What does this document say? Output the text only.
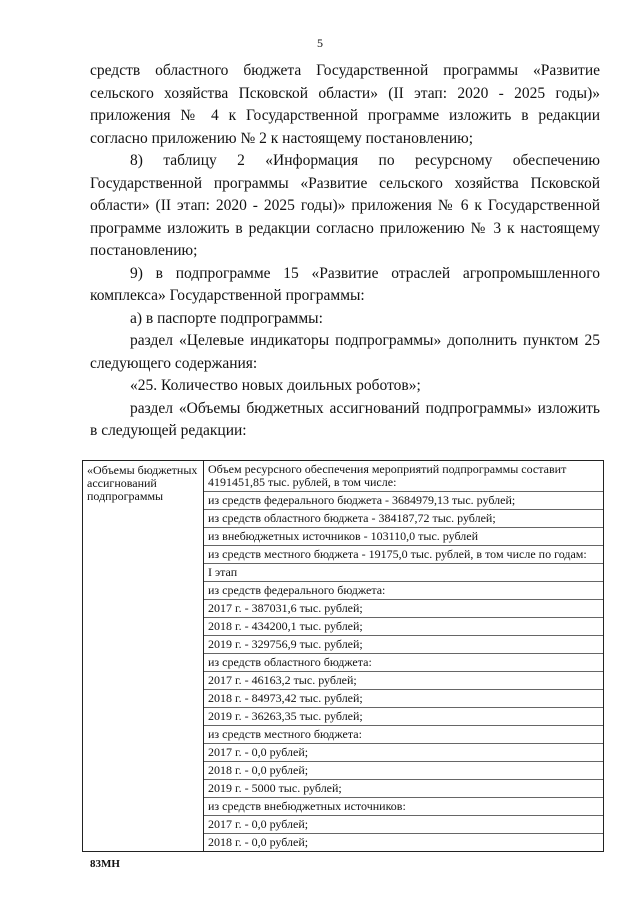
5

средств областного бюджета Государственной программы «Развитие сельского хозяйства Псковской области» (II этап: 2020 - 2025 годы)» приложения № 4 к Государственной программе изложить в редакции согласно приложению № 2 к настоящему постановлению;

8) таблицу 2 «Информация по ресурсному обеспечению Государственной программы «Развитие сельского хозяйства Псковской области» (II этап: 2020 - 2025 годы)» приложения № 6 к Государственной программе изложить в редакции согласно приложению № 3 к настоящему постановлению;

9) в подпрограмме 15 «Развитие отраслей агропромышленного комплекса» Государственной программы:

а) в паспорте подпрограммы:

раздел «Целевые индикаторы подпрограммы» дополнить пунктом 25 следующего содержания:

«25. Количество новых доильных роботов»;

раздел «Объемы бюджетных ассигнований подпрограммы» изложить в следующей редакции:

«Объемы бюджетных ассигнований подпрограммы	
Объем ресурсного обеспечения мероприятий подпрограммы составит 4191451,85 тыс. рублей, в том числе:
из средств федерального бюджета - 3684979,13 тыс. рублей;
из средств областного бюджета - 384187,72 тыс. рублей;
из внебюджетных источников - 103110,0 тыс. рублей
из средств местного бюджета - 19175,0 тыс. рублей, в том числе по годам:
I этап
из средств федерального бюджета:
2017 г. - 387031,6 тыс. рублей;
2018 г. - 434200,1 тыс. рублей;
2019 г. - 329756,9 тыс. рублей;
из средств областного бюджета:
2017 г. - 46163,2 тыс. рублей;
2018 г. - 84973,42 тыс. рублей;
2019 г. - 36263,35 тыс. рублей;
из средств местного бюджета:
2017 г. - 0,0 рублей;
2018 г. - 0,0 рублей;
2019 г. - 5000 тыс. рублей;
из средств внебюджетных источников:
2017 г. - 0,0 рублей;
2018 г. - 0,0 рублей;
83МН
